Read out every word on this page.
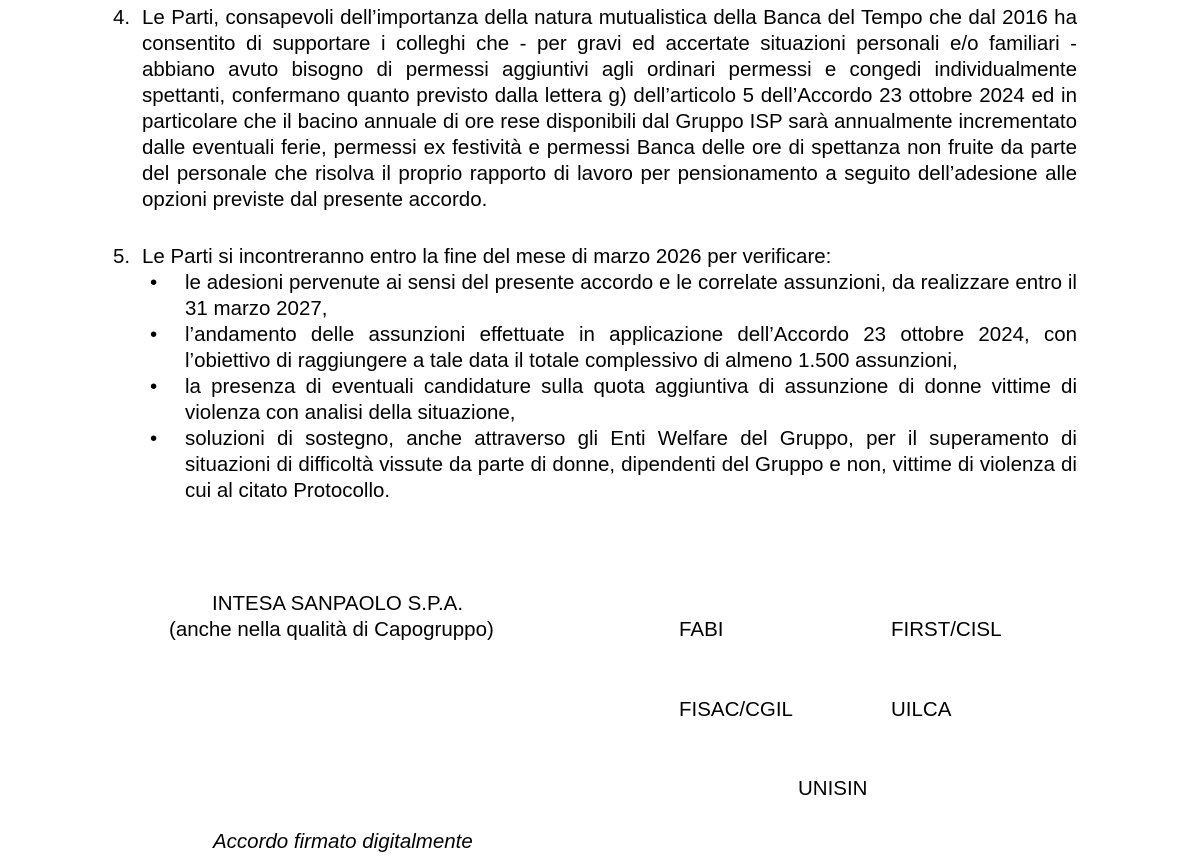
4. Le Parti, consapevoli dell’importanza della natura mutualistica della Banca del Tempo che dal 2016 ha consentito di supportare i colleghi che - per gravi ed accertate situazioni personali e/o familiari - abbiano avuto bisogno di permessi aggiuntivi agli ordinari permessi e congedi individualmente spettanti, confermano quanto previsto dalla lettera g) dell’articolo 5 dell’Accordo 23 ottobre 2024 ed in particolare che il bacino annuale di ore rese disponibili dal Gruppo ISP sarà annualmente incrementato dalle eventuali ferie, permessi ex festività e permessi Banca delle ore di spettanza non fruite da parte del personale che risolva il proprio rapporto di lavoro per pensionamento a seguito dell’adesione alle opzioni previste dal presente accordo.
5. Le Parti si incontreranno entro la fine del mese di marzo 2026 per verificare:
• le adesioni pervenute ai sensi del presente accordo e le correlate assunzioni, da realizzare entro il 31 marzo 2027,
• l’andamento delle assunzioni effettuate in applicazione dell’Accordo 23 ottobre 2024, con l’obiettivo di raggiungere a tale data il totale complessivo di almeno 1.500 assunzioni,
• la presenza di eventuali candidature sulla quota aggiuntiva di assunzione di donne vittime di violenza con analisi della situazione,
• soluzioni di sostegno, anche attraverso gli Enti Welfare del Gruppo, per il superamento di situazioni di difficoltà vissute da parte di donne, dipendenti del Gruppo e non, vittime di violenza di cui al citato Protocollo.
INTESA SANPAOLO S.P.A.
(anche nella qualità di Capogruppo)	FABI	FIRST/CISL
FISAC/CGIL	UILCA
UNISIN
Accordo firmato digitalmente
